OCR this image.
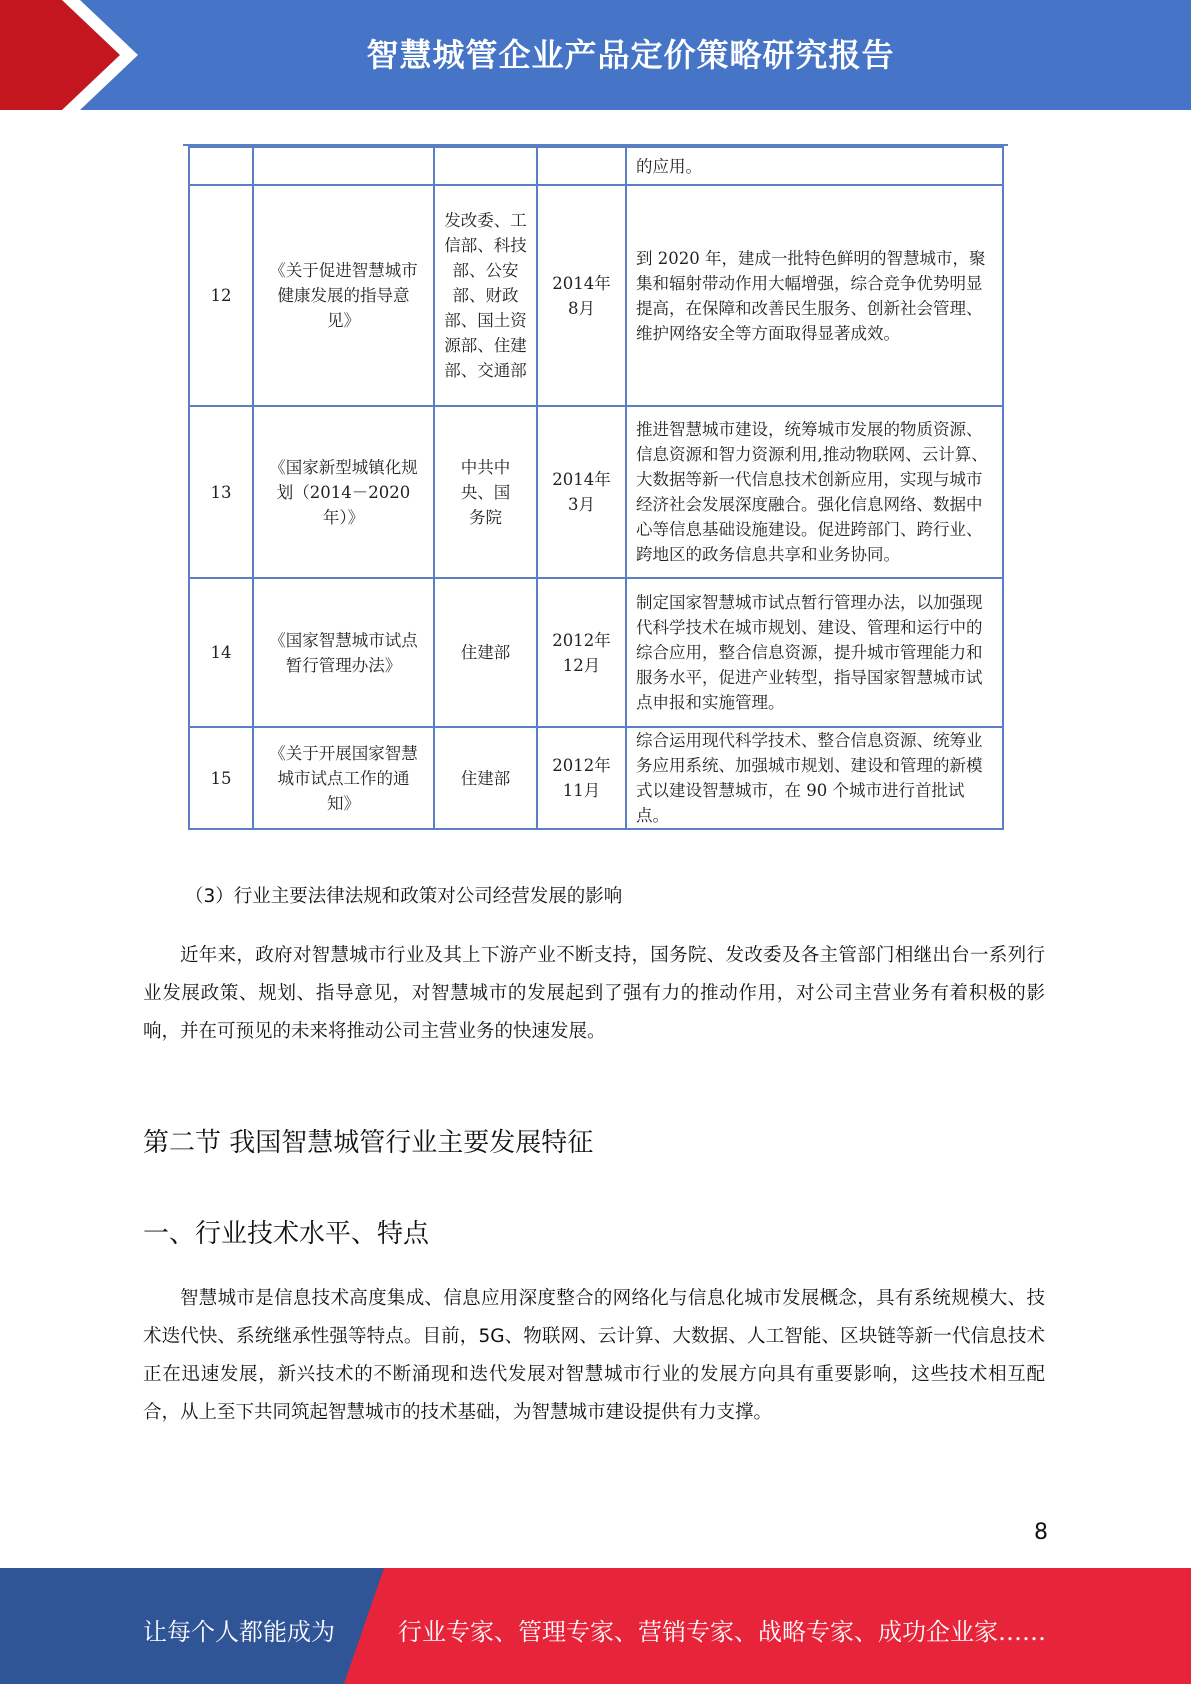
智慧城管企业产品定价策略研究报告
				的应用。
12	《关于促进智慧城市健康发展的指导意见》	发改委、工信部、科技部、公安部、财政部、国土资源部、住建部、交通部	2014年8月	到 2020 年，建成一批特色鲜明的智慧城市，聚集和辐射带动作用大幅增强，综合竞争优势明显提高，在保障和改善民生服务、创新社会管理、维护网络安全等方面取得显著成效。
13	《国家新型城镇化规划（2014－2020年）》	中共中央、国务院	2014年3月	推进智慧城市建设，统筹城市发展的物质资源、信息资源和智力资源利用,推动物联网、云计算、大数据等新一代信息技术创新应用，实现与城市经济社会发展深度融合。强化信息网络、数据中心等信息基础设施建设。促进跨部门、跨行业、跨地区的政务信息共享和业务协同。
14	《国家智慧城市试点暂行管理办法》	住建部	2012年12月	制定国家智慧城市试点暂行管理办法，以加强现代科学技术在城市规划、建设、管理和运行中的综合应用，整合信息资源，提升城市管理能力和服务水平，促进产业转型，指导国家智慧城市试点申报和实施管理。
15	《关于开展国家智慧城市试点工作的通知》	住建部	2012年11月	综合运用现代科学技术、整合信息资源、统筹业务应用系统、加强城市规划、建设和管理的新模式以建设智慧城市，在 90 个城市进行首批试点。
（3）行业主要法律法规和政策对公司经营发展的影响
近年来，政府对智慧城市行业及其上下游产业不断支持，国务院、发改委及各主管部门相继出台一系列行业发展政策、规划、指导意见，对智慧城市的发展起到了强有力的推动作用，对公司主营业务有着积极的影响，并在可预见的未来将推动公司主营业务的快速发展。
第二节 我国智慧城管行业主要发展特征
一、行业技术水平、特点
智慧城市是信息技术高度集成、信息应用深度整合的网络化与信息化城市发展概念，具有系统规模大、技术迭代快、系统继承性强等特点。目前，5G、物联网、云计算、大数据、人工智能、区块链等新一代信息技术正在迅速发展，新兴技术的不断涌现和迭代发展对智慧城市行业的发展方向具有重要影响，这些技术相互配合，从上至下共同筑起智慧城市的技术基础，为智慧城市建设提供有力支撑。
8
让每个人都能成为	行业专家、管理专家、营销专家、战略专家、成功企业家……
